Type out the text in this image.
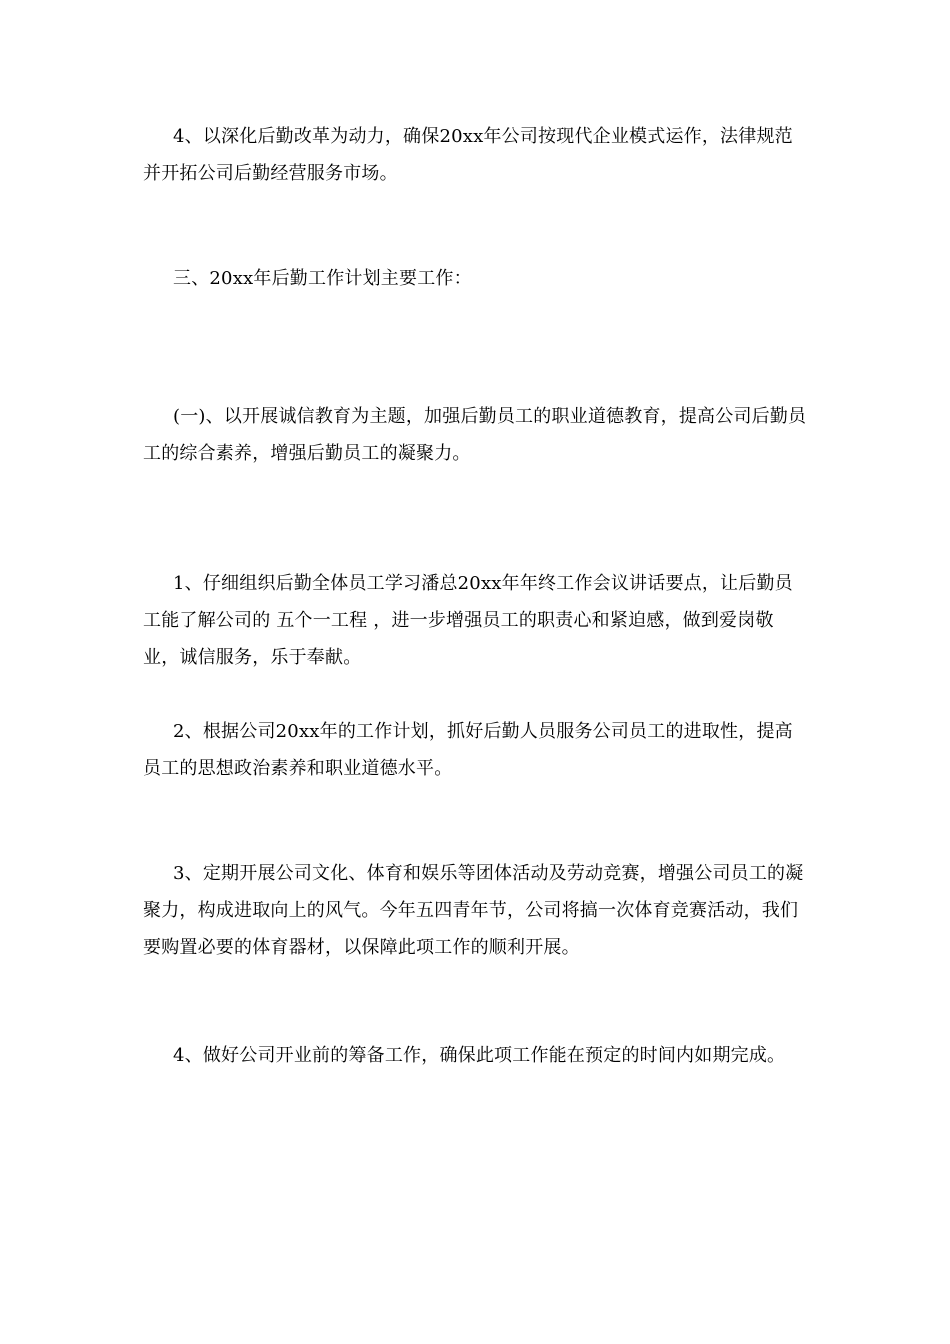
4、以深化后勤改革为动力，确保20xx年公司按现代企业模式运作，法律规范并开拓公司后勤经营服务市场。

三、20xx年后勤工作计划主要工作：

(一)、以开展诚信教育为主题，加强后勤员工的职业道德教育，提高公司后勤员工的综合素养，增强后勤员工的凝聚力。

1、仔细组织后勤全体员工学习潘总20xx年年终工作会议讲话要点，让后勤员工能了解公司的 五个一工程 ，进一步增强员工的职责心和紧迫感，做到爱岗敬业，诚信服务，乐于奉献。

2、根据公司20xx年的工作计划，抓好后勤人员服务公司员工的进取性，提高员工的思想政治素养和职业道德水平。

3、定期开展公司文化、体育和娱乐等团体活动及劳动竞赛，增强公司员工的凝聚力，构成进取向上的风气。今年五四青年节，公司将搞一次体育竞赛活动，我们要购置必要的体育器材，以保障此项工作的顺利开展。

4、做好公司开业前的筹备工作，确保此项工作能在预定的时间内如期完成。
